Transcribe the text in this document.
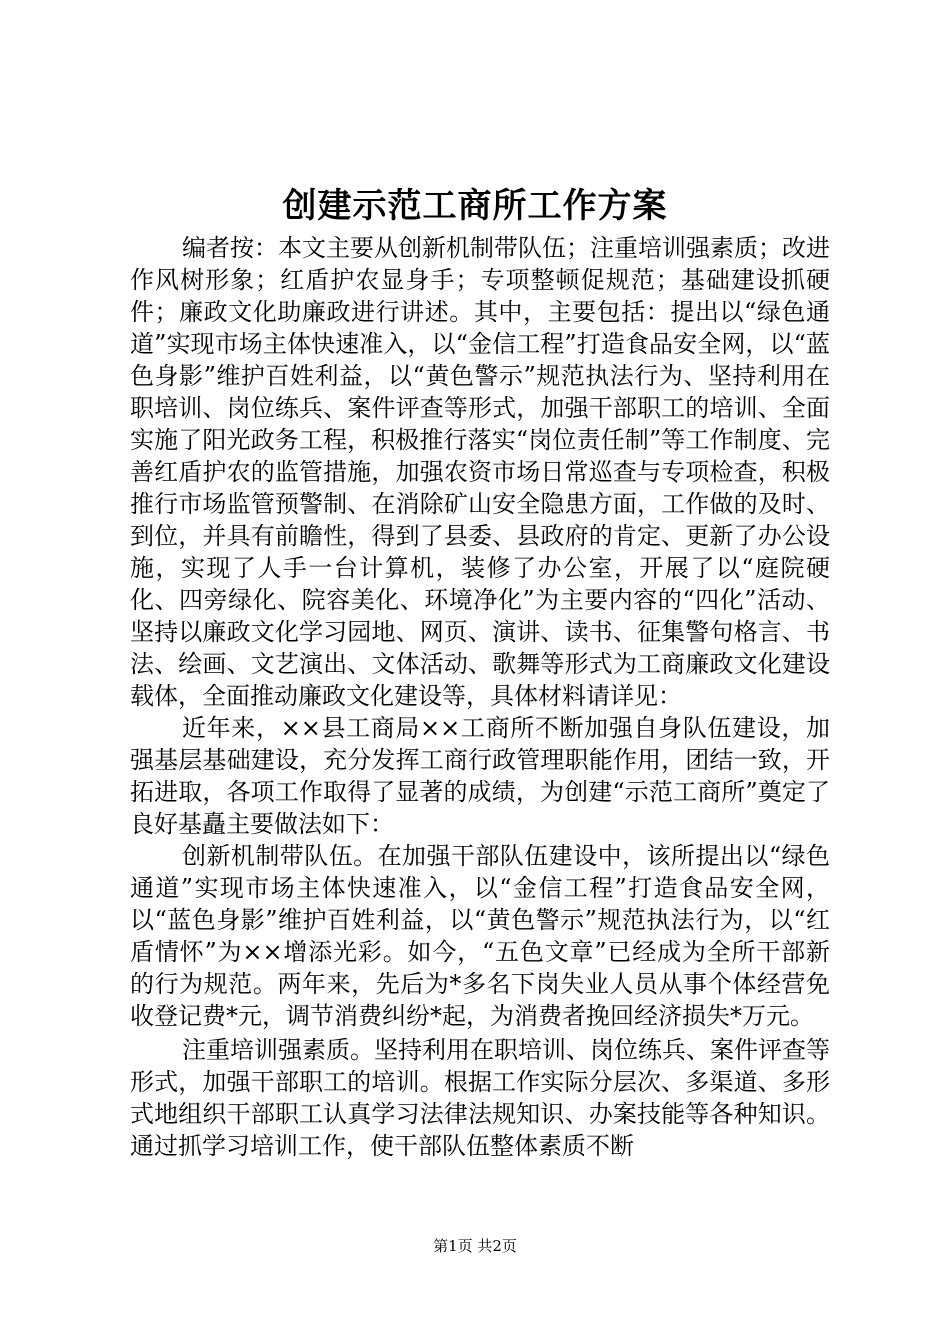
创建示范工商所工作方案

编者按：本文主要从创新机制带队伍；注重培训强素质；改进作风树形象；红盾护农显身手；专项整顿促规范；基础建设抓硬件；廉政文化助廉政进行讲述。其中，主要包括：提出以“绿色通道”实现市场主体快速准入，以“金信工程”打造食品安全网，以“蓝色身影”维护百姓利益，以“黄色警示”规范执法行为、坚持利用在职培训、岗位练兵、案件评查等形式，加强干部职工的培训、全面实施了阳光政务工程，积极推行落实“岗位责任制”等工作制度、完善红盾护农的监管措施，加强农资市场日常巡查与专项检查，积极推行市场监管预警制、在消除矿山安全隐患方面，工作做的及时、到位，并具有前瞻性，得到了县委、县政府的肯定、更新了办公设施，实现了人手一台计算机，装修了办公室，开展了以“庭院硬化、四旁绿化、院容美化、环境净化”为主要内容的“四化”活动、坚持以廉政文化学习园地、网页、演讲、读书、征集警句格言、书法、绘画、文艺演出、文体活动、歌舞等形式为工商廉政文化建设载体，全面推动廉政文化建设等，具体材料请详见：

近年来，××县工商局××工商所不断加强自身队伍建设，加强基层基础建设，充分发挥工商行政管理职能作用，团结一致，开拓进取，各项工作取得了显著的成绩，为创建“示范工商所”奠定了良好基矗主要做法如下：

创新机制带队伍。在加强干部队伍建设中，该所提出以“绿色通道”实现市场主体快速准入，以“金信工程”打造食品安全网，以“蓝色身影”维护百姓利益，以“黄色警示”规范执法行为，以“红盾情怀”为××增添光彩。如今，“五色文章”已经成为全所干部新的行为规范。两年来，先后为*多名下岗失业人员从事个体经营免收登记费*元，调节消费纠纷*起，为消费者挽回经济损失*万元。

注重培训强素质。坚持利用在职培训、岗位练兵、案件评查等形式，加强干部职工的培训。根据工作实际分层次、多渠道、多形式地组织干部职工认真学习法律法规知识、办案技能等各种知识。通过抓学习培训工作，使干部队伍整体素质不断

第1页 共2页
